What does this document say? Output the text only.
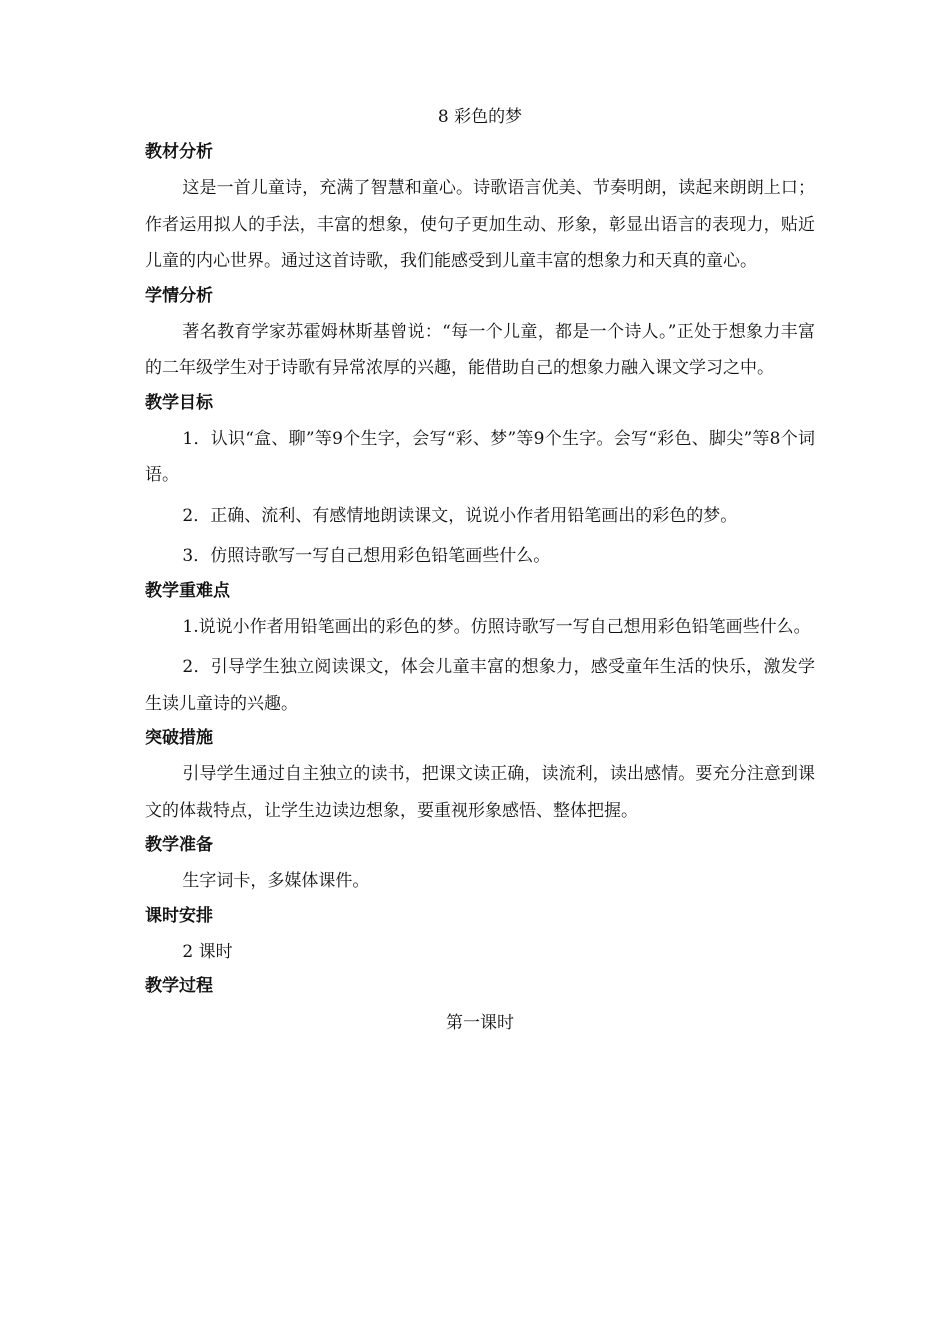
8 彩色的梦
教材分析

这是一首儿童诗，充满了智慧和童心。诗歌语言优美、节奏明朗，读起来朗朗上口；作者运用拟人的手法，丰富的想象，使句子更加生动、形象，彰显出语言的表现力，贴近儿童的内心世界。通过这首诗歌，我们能感受到儿童丰富的想象力和天真的童心。

学情分析

著名教育学家苏霍姆林斯基曾说：“每一个儿童，都是一个诗人。”正处于想象力丰富的二年级学生对于诗歌有异常浓厚的兴趣，能借助自己的想象力融入课文学习之中。

教学目标

1．认识“盒、聊”等9个生字，会写“彩、梦”等9个生字。会写“彩色、脚尖”等8个词语。

2．正确、流利、有感情地朗读课文，说说小作者用铅笔画出的彩色的梦。

3．仿照诗歌写一写自己想用彩色铅笔画些什么。

教学重难点

1.说说小作者用铅笔画出的彩色的梦。仿照诗歌写一写自己想用彩色铅笔画些什么。

2．引导学生独立阅读课文，体会儿童丰富的想象力，感受童年生活的快乐，激发学生读儿童诗的兴趣。

突破措施

引导学生通过自主独立的读书，把课文读正确，读流利，读出感情。要充分注意到课文的体裁特点，让学生边读边想象，要重视形象感悟、整体把握。

教学准备

生字词卡，多媒体课件。

课时安排

2 课时

教学过程
第一课时
